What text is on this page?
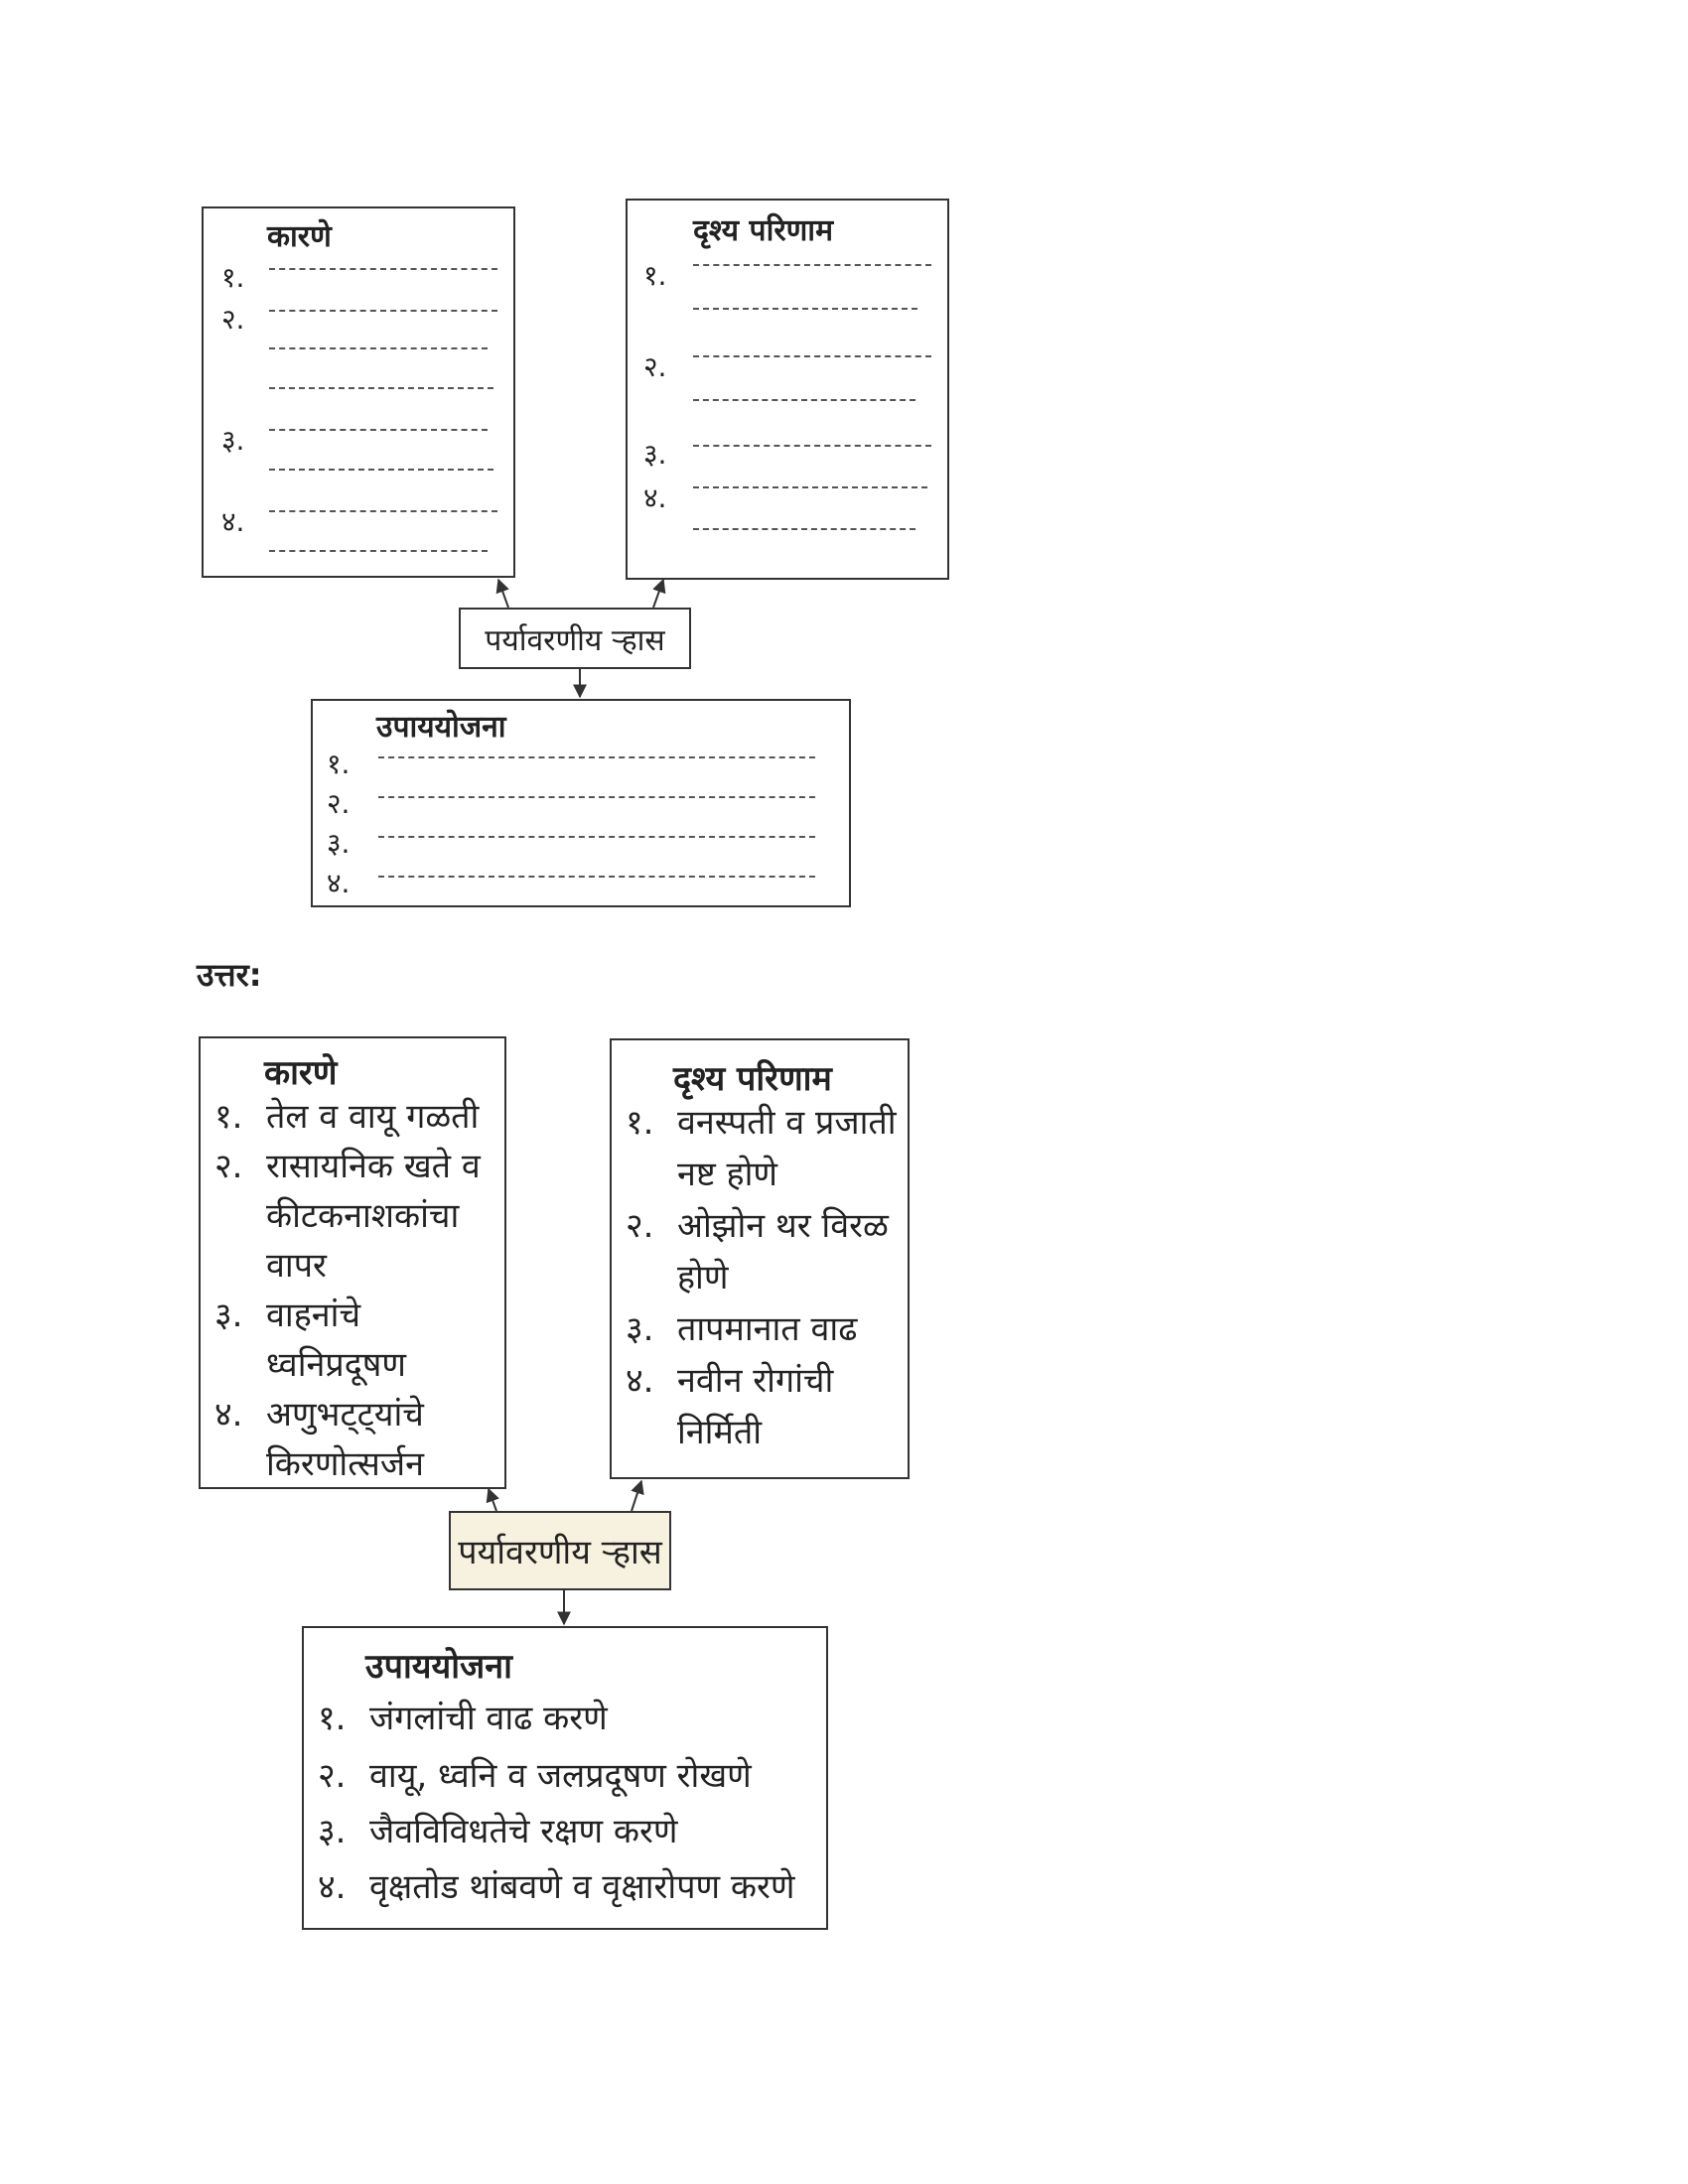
कारणे
१.
२.
३.
४.
दृश्य परिणाम
१.
२.
३.
४.
पर्यावरणीय ऱ्हास
उपाययोजना
१.
२.
३.
४.
उत्तर:
कारणे
१. तेल व वायू गळती
२. रासायनिक खते व
कीटकनाशकांचा
वापर
३. वाहनांचे
ध्वनिप्रदूषण
४. अणुभट्ट्यांचे
किरणोत्सर्जन
दृश्य परिणाम
१. वनस्पती व प्रजाती
नष्ट होणे
२. ओझोन थर विरळ
होणे
३. तापमानात वाढ
४. नवीन रोगांची
निर्मिती
पर्यावरणीय ऱ्हास
उपाययोजना
१. जंगलांची वाढ करणे
२. वायू, ध्वनि व जलप्रदूषण रोखणे
३. जैवविविधतेचे रक्षण करणे
४. वृक्षतोड थांबवणे व वृक्षारोपण करणे
